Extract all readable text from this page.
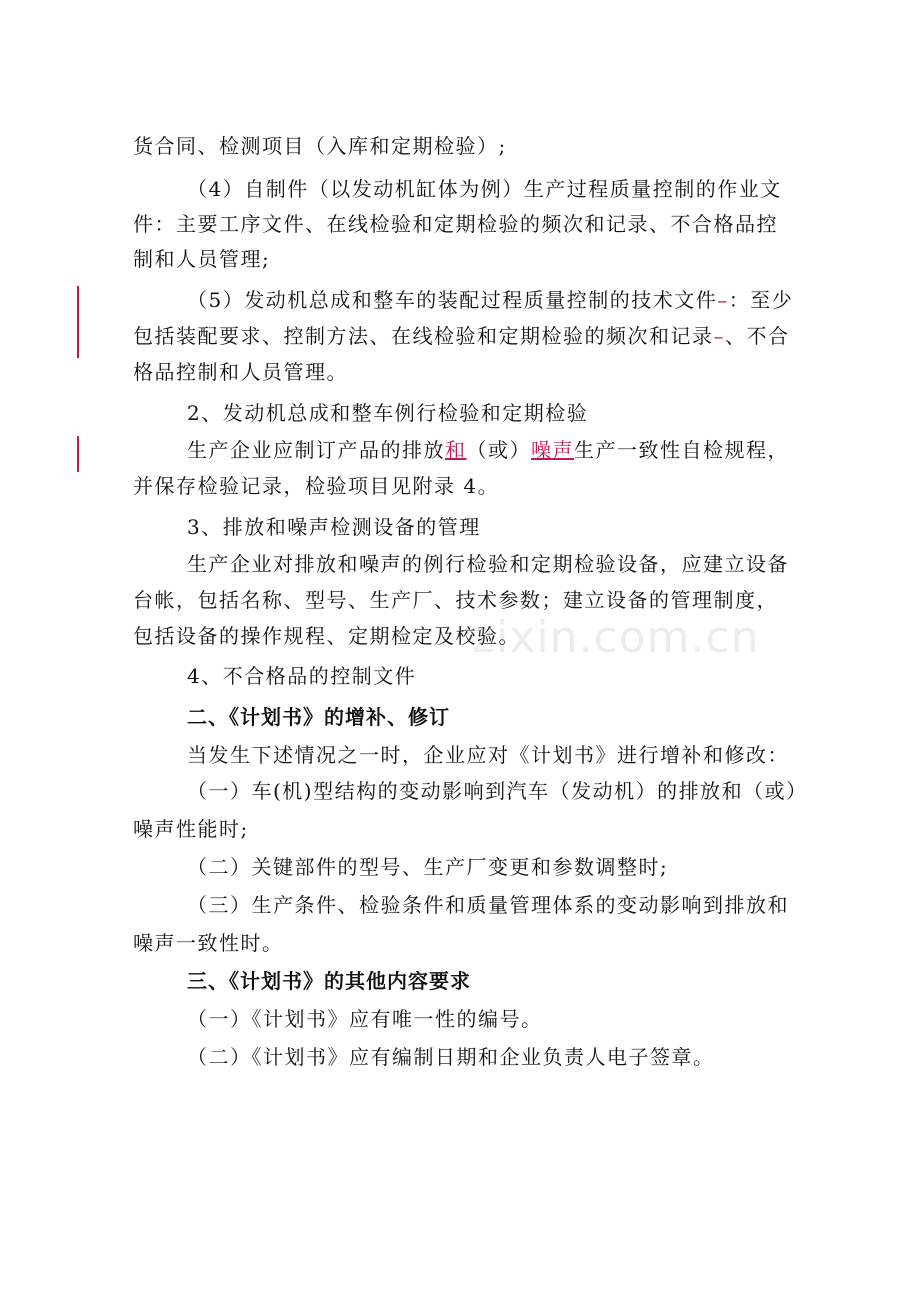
货合同、检测项目（入库和定期检验）;
（4）自制件（以发动机缸体为例）生产过程质量控制的作业文
件：主要工序文件、在线检验和定期检验的频次和记录、不合格品控
制和人员管理;
（5）发动机总成和整车的装配过程质量控制的技术文件–：至少
包括装配要求、控制方法、在线检验和定期检验的频次和记录–、不合
格品控制和人员管理。
2、发动机总成和整车例行检验和定期检验
生产企业应制订产品的排放和（或）噪声生产一致性自检规程，
并保存检验记录，检验项目见附录 4。
3、排放和噪声检测设备的管理
生产企业对排放和噪声的例行检验和定期检验设备，应建立设备
台帐，包括名称、型号、生产厂、技术参数；建立设备的管理制度，
包括设备的操作规程、定期检定及校验。
4、不合格品的控制文件
二、《计划书》的增补、修订
当发生下述情况之一时，企业应对《计划书》进行增补和修改：
（一）车(机)型结构的变动影响到汽车（发动机）的排放和（或）
噪声性能时;
（二）关键部件的型号、生产厂变更和参数调整时;
（三）生产条件、检验条件和质量管理体系的变动影响到排放和
噪声一致性时。
三、《计划书》的其他内容要求
（一）《计划书》应有唯一性的编号。
（二）《计划书》应有编制日期和企业负责人电子签章。
zixin.com.cn
